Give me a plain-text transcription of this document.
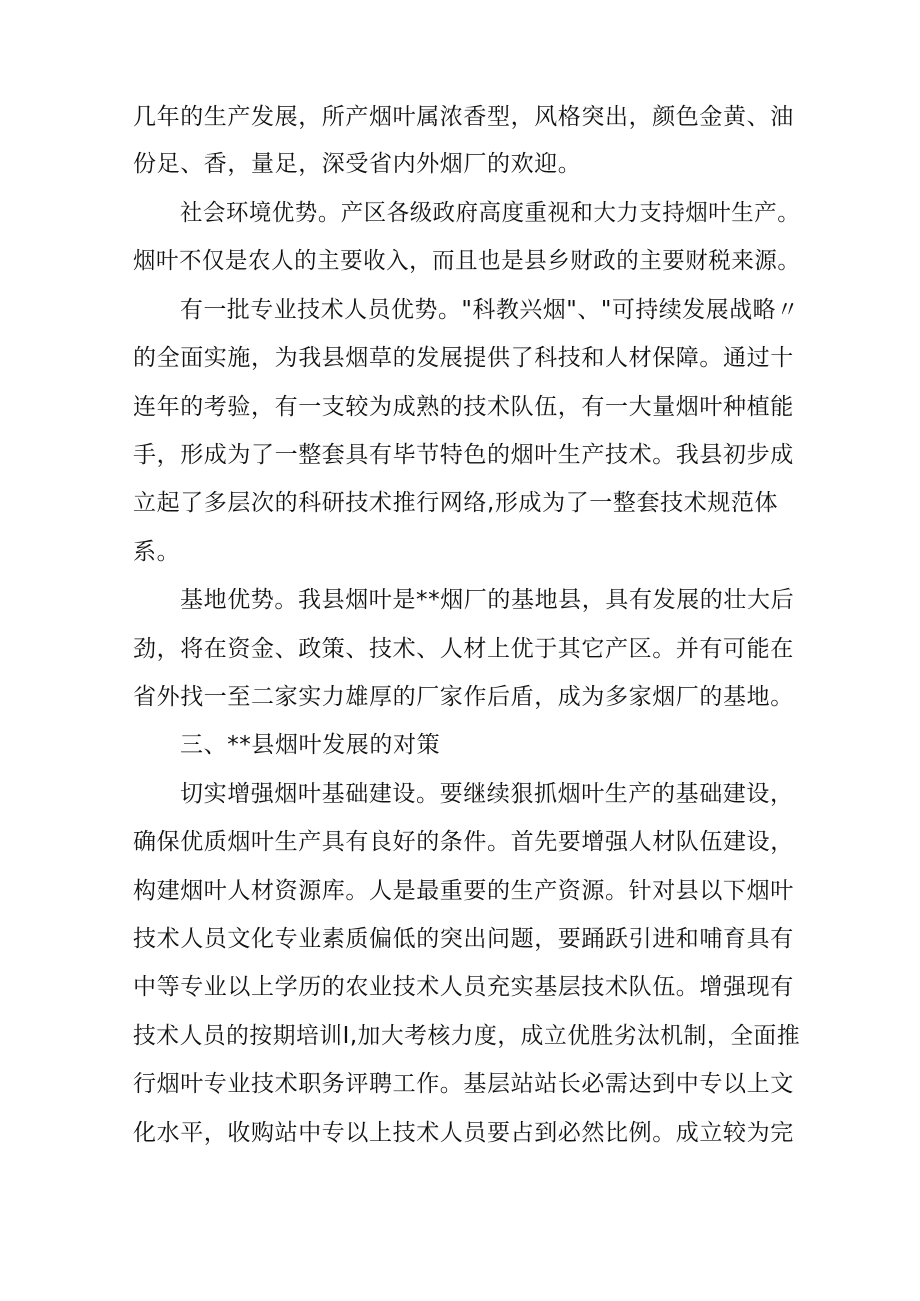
几年的生产发展，所产烟叶属浓香型，风格突出，颜色金黄、油
份足、香，量足，深受省内外烟厂的欢迎。
社会环境优势。产区各级政府高度重视和大力支持烟叶生产。
烟叶不仅是农人的主要收入，而且也是县乡财政的主要财税来源。
有一批专业技术人员优势。"科教兴烟"、"可持续发展战略〃
的全面实施，为我县烟草的发展提供了科技和人材保障。通过十
连年的考验，有一支较为成熟的技术队伍，有一大量烟叶种植能
手，形成为了一整套具有毕节特色的烟叶生产技术。我县初步成
立起了多层次的科研技术推行网络,形成为了一整套技术规范体
系。
基地优势。我县烟叶是**烟厂的基地县，具有发展的壮大后
劲，将在资金、政策、技术、人材上优于其它产区。并有可能在
省外找一至二家实力雄厚的厂家作后盾，成为多家烟厂的基地。
三、**县烟叶发展的对策
切实增强烟叶基础建设。要继续狠抓烟叶生产的基础建设，
确保优质烟叶生产具有良好的条件。首先要增强人材队伍建设，
构建烟叶人材资源库。人是最重要的生产资源。针对县以下烟叶
技术人员文化专业素质偏低的突出问题，要踊跃引进和哺育具有
中等专业以上学历的农业技术人员充实基层技术队伍。增强现有
技术人员的按期培训Ⅰ,加大考核力度，成立优胜劣汰机制，全面推
行烟叶专业技术职务评聘工作。基层站站长必需达到中专以上文
化水平，收购站中专以上技术人员要占到必然比例。成立较为完
